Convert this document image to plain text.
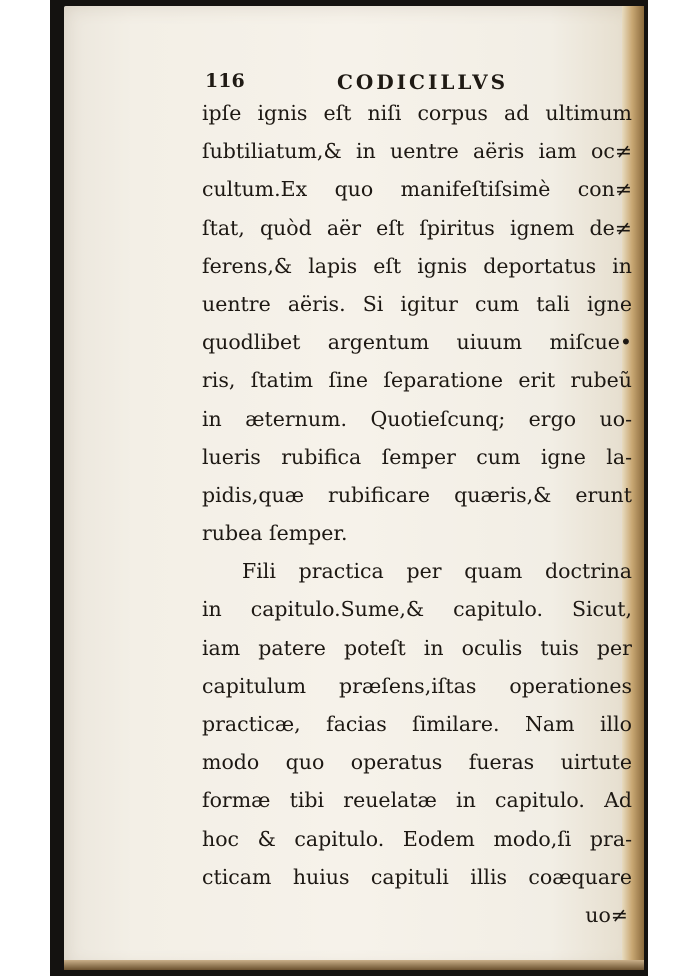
116	CODICILLVS
ipſe ignis eſt niſi corpus ad ultimum
ſubtiliatum,& in uentre aëris iam oc≠
cultum.Ex quo manifeſtiſsimè con≠
ſtat, quòd aër eſt ſpiritus ignem de≠
ferens,& lapis eſt ignis deportatus in
uentre aëris. Si igitur cum tali igne
quodlibet argentum uiuum miſcue•
ris, ſtatim ſine ſeparatione erit rubeũ
in æternum. Quotieſcunq; ergo uo-
lueris rubifica ſemper cum igne la-
pidis,quæ rubificare quæris,& erunt
rubea ſemper.
Fili practica per quam doctrina
in capitulo.Sume,& capitulo. Sicut,
iam patere poteſt in oculis tuis per
capitulum præſens,iſtas operationes
practicæ, facias ſimilare. Nam illo
modo quo operatus fueras uirtute
formæ tibi reuelatæ in capitulo. Ad
hoc & capitulo. Eodem modo,ſi pra-
cticam huius capituli illis coæquare
uo≠
